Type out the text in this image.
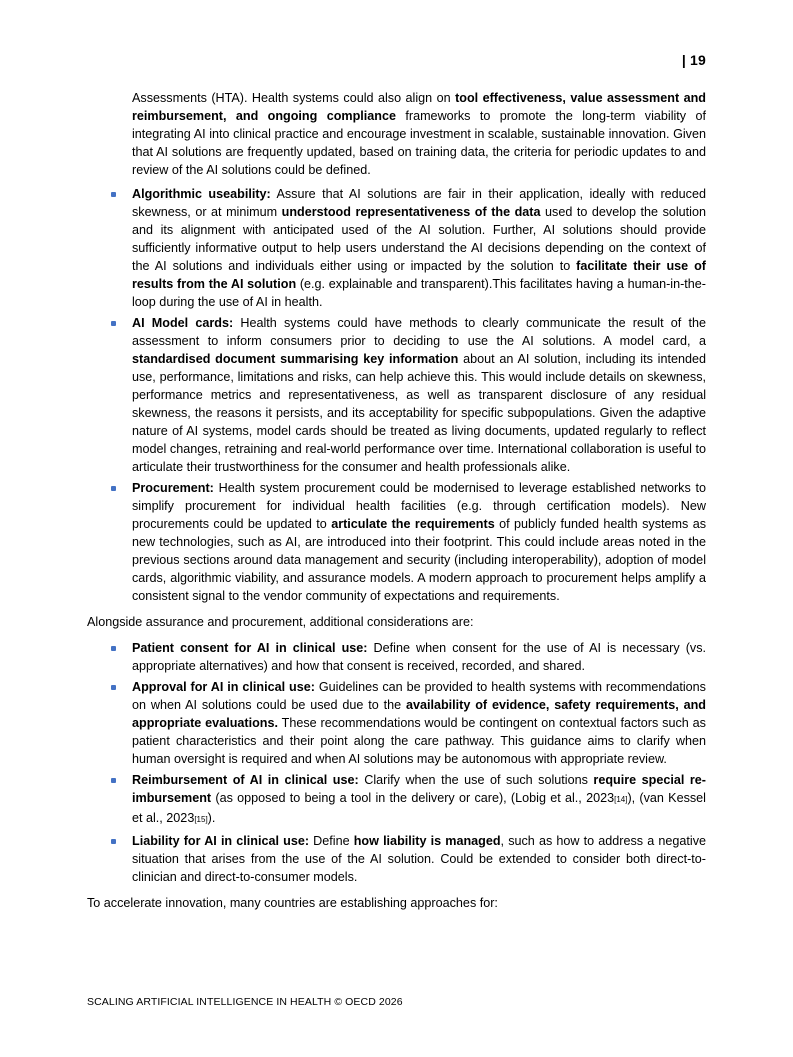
| 19

Assessments (HTA). Health systems could also align on tool effectiveness, value assessment and reimbursement, and ongoing compliance frameworks to promote the long-term viability of integrating AI into clinical practice and encourage investment in scalable, sustainable innovation. Given that AI solutions are frequently updated, based on training data, the criteria for periodic updates to and review of the AI solutions could be defined.

Algorithmic useability: Assure that AI solutions are fair in their application, ideally with reduced skewness, or at minimum understood representativeness of the data used to develop the solution and its alignment with anticipated used of the AI solution. Further, AI solutions should provide sufficiently informative output to help users understand the AI decisions depending on the context of the AI solutions and individuals either using or impacted by the solution to facilitate their use of results from the AI solution (e.g. explainable and transparent).This facilitates having a human-in-the-loop during the use of AI in health.
AI Model cards: Health systems could have methods to clearly communicate the result of the assessment to inform consumers prior to deciding to use the AI solutions. A model card, a standardised document summarising key information about an AI solution, including its intended use, performance, limitations and risks, can help achieve this. This would include details on skewness, performance metrics and representativeness, as well as transparent disclosure of any residual skewness, the reasons it persists, and its acceptability for specific subpopulations. Given the adaptive nature of AI systems, model cards should be treated as living documents, updated regularly to reflect model changes, retraining and real-world performance over time. International collaboration is useful to articulate their trustworthiness for the consumer and health professionals alike.
Procurement: Health system procurement could be modernised to leverage established networks to simplify procurement for individual health facilities (e.g. through certification models). New procurements could be updated to articulate the requirements of publicly funded health systems as new technologies, such as AI, are introduced into their footprint. This could include areas noted in the previous sections around data management and security (including interoperability), adoption of model cards, algorithmic viability, and assurance models. A modern approach to procurement helps amplify a consistent signal to the vendor community of expectations and requirements.

Alongside assurance and procurement, additional considerations are:

Patient consent for AI in clinical use: Define when consent for the use of AI is necessary (vs. appropriate alternatives) and how that consent is received, recorded, and shared.
Approval for AI in clinical use: Guidelines can be provided to health systems with recommendations on when AI solutions could be used due to the availability of evidence, safety requirements, and appropriate evaluations. These recommendations would be contingent on contextual factors such as patient characteristics and their point along the care pathway. This guidance aims to clarify when human oversight is required and when AI solutions may be autonomous with appropriate review.
Reimbursement of AI in clinical use: Clarify when the use of such solutions require special re-imbursement (as opposed to being a tool in the delivery or care), (Lobig et al., 2023[14]), (van Kessel et al., 2023[15]).
Liability for AI in clinical use: Define how liability is managed, such as how to address a negative situation that arises from the use of the AI solution. Could be extended to consider both direct-to-clinician and direct-to-consumer models.

To accelerate innovation, many countries are establishing approaches for:

SCALING ARTIFICIAL INTELLIGENCE IN HEALTH © OECD 2026
